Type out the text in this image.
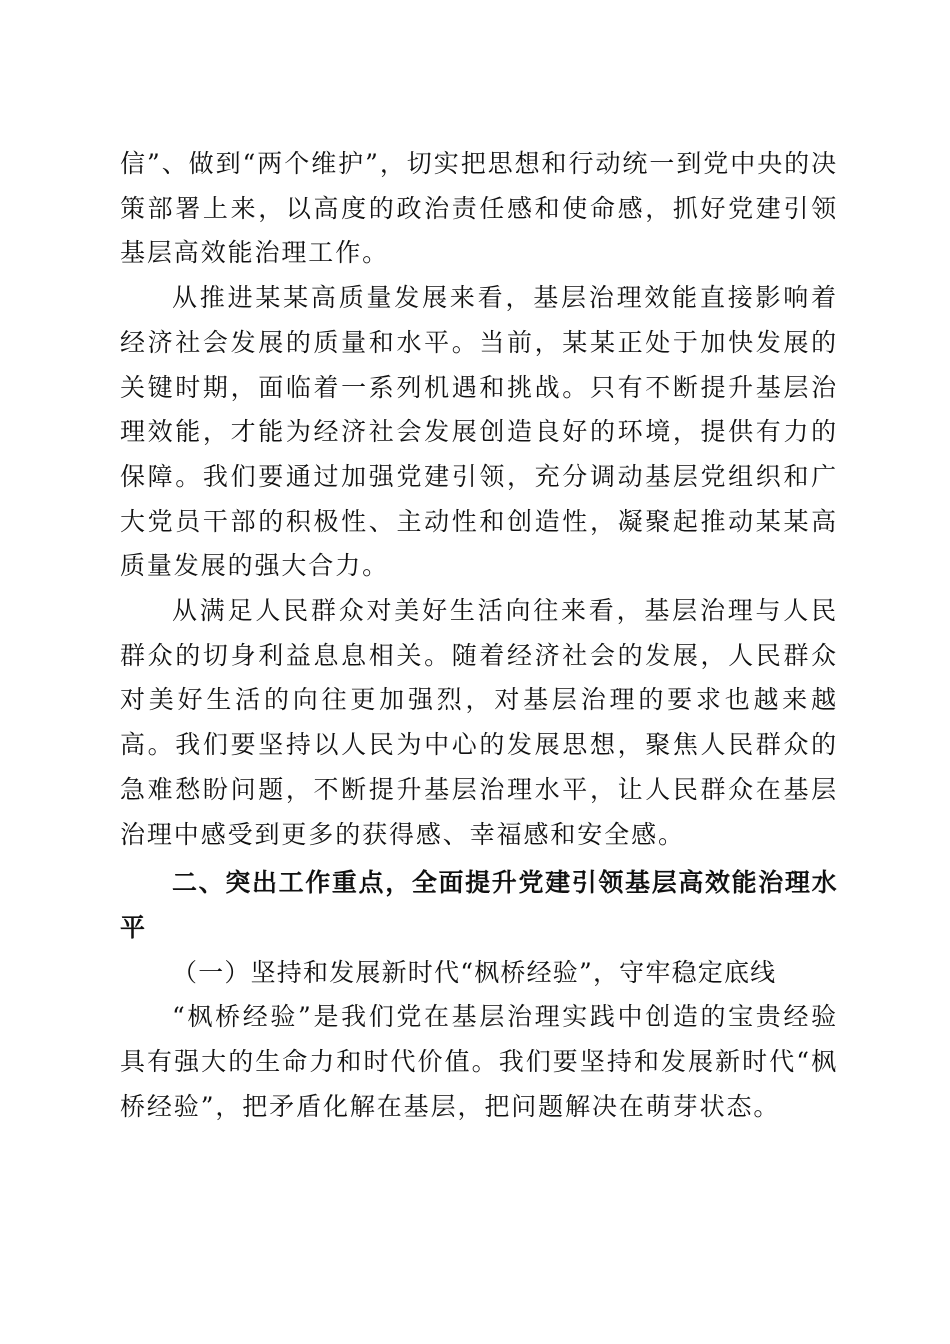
信”、做到“两个维护”，切实把思想和行动统一到党中央的决策部署上来，以高度的政治责任感和使命感，抓好党建引领基层高效能治理工作。

从推进某某高质量发展来看，基层治理效能直接影响着经济社会发展的质量和水平。当前，某某正处于加快发展的关键时期，面临着一系列机遇和挑战。只有不断提升基层治理效能，才能为经济社会发展创造良好的环境，提供有力的保障。我们要通过加强党建引领，充分调动基层党组织和广大党员干部的积极性、主动性和创造性，凝聚起推动某某高质量发展的强大合力。

从满足人民群众对美好生活向往来看，基层治理与人民群众的切身利益息息相关。随着经济社会的发展，人民群众对美好生活的向往更加强烈，对基层治理的要求也越来越高。我们要坚持以人民为中心的发展思想，聚焦人民群众的急难愁盼问题，不断提升基层治理水平，让人民群众在基层治理中感受到更多的获得感、幸福感和安全感。

二、突出工作重点，全面提升党建引领基层高效能治理水平

（一）坚持和发展新时代“枫桥经验”，守牢稳定底线

“枫桥经验”是我们党在基层治理实践中创造的宝贵经验具有强大的生命力和时代价值。我们要坚持和发展新时代“枫桥经验”，把矛盾化解在基层，把问题解决在萌芽状态。
